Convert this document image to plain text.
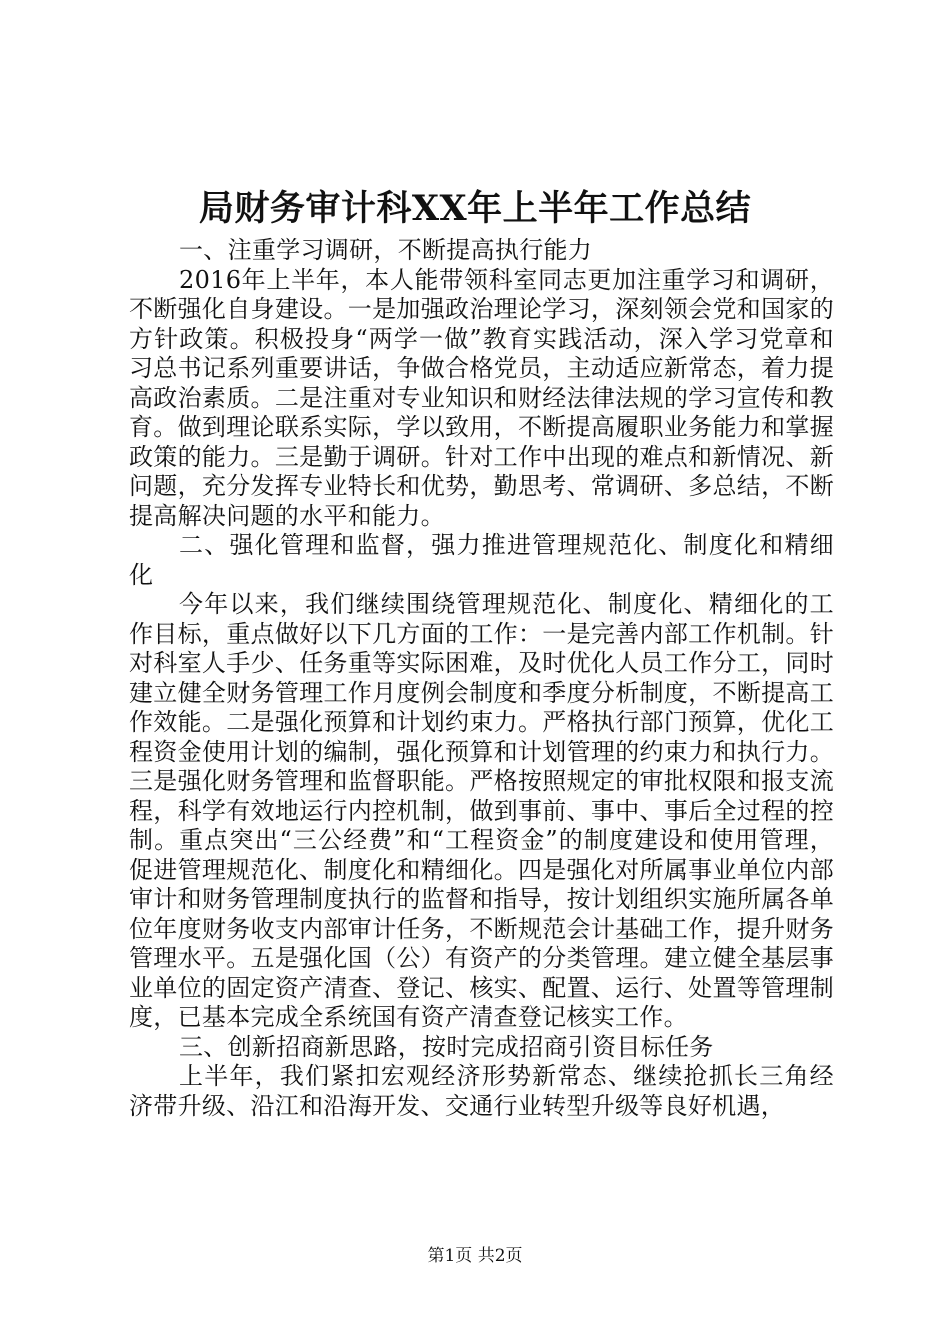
局财务审计科XX年上半年工作总结

一、注重学习调研，不断提高执行能力

2016年上半年，本人能带领科室同志更加注重学习和调研，不断强化自身建设。一是加强政治理论学习，深刻领会党和国家的方针政策。积极投身“两学一做”教育实践活动，深入学习党章和习总书记系列重要讲话，争做合格党员，主动适应新常态，着力提高政治素质。二是注重对专业知识和财经法律法规的学习宣传和教育。做到理论联系实际，学以致用，不断提高履职业务能力和掌握政策的能力。三是勤于调研。针对工作中出现的难点和新情况、新问题，充分发挥专业特长和优势，勤思考、常调研、多总结，不断提高解决问题的水平和能力。

二、强化管理和监督，强力推进管理规范化、制度化和精细化

今年以来，我们继续围绕管理规范化、制度化、精细化的工作目标，重点做好以下几方面的工作：一是完善内部工作机制。针对科室人手少、任务重等实际困难，及时优化人员工作分工，同时建立健全财务管理工作月度例会制度和季度分析制度，不断提高工作效能。二是强化预算和计划约束力。严格执行部门预算，优化工程资金使用计划的编制，强化预算和计划管理的约束力和执行力。三是强化财务管理和监督职能。严格按照规定的审批权限和报支流程，科学有效地运行内控机制，做到事前、事中、事后全过程的控制。重点突出“三公经费”和“工程资金”的制度建设和使用管理，促进管理规范化、制度化和精细化。四是强化对所属事业单位内部审计和财务管理制度执行的监督和指导，按计划组织实施所属各单位年度财务收支内部审计任务，不断规范会计基础工作，提升财务管理水平。五是强化国（公）有资产的分类管理。建立健全基层事业单位的固定资产清查、登记、核实、配置、运行、处置等管理制度，已基本完成全系统国有资产清查登记核实工作。

三、创新招商新思路，按时完成招商引资目标任务

上半年，我们紧扣宏观经济形势新常态、继续抢抓长三角经济带升级、沿江和沿海开发、交通行业转型升级等良好机遇，

第1页 共2页
